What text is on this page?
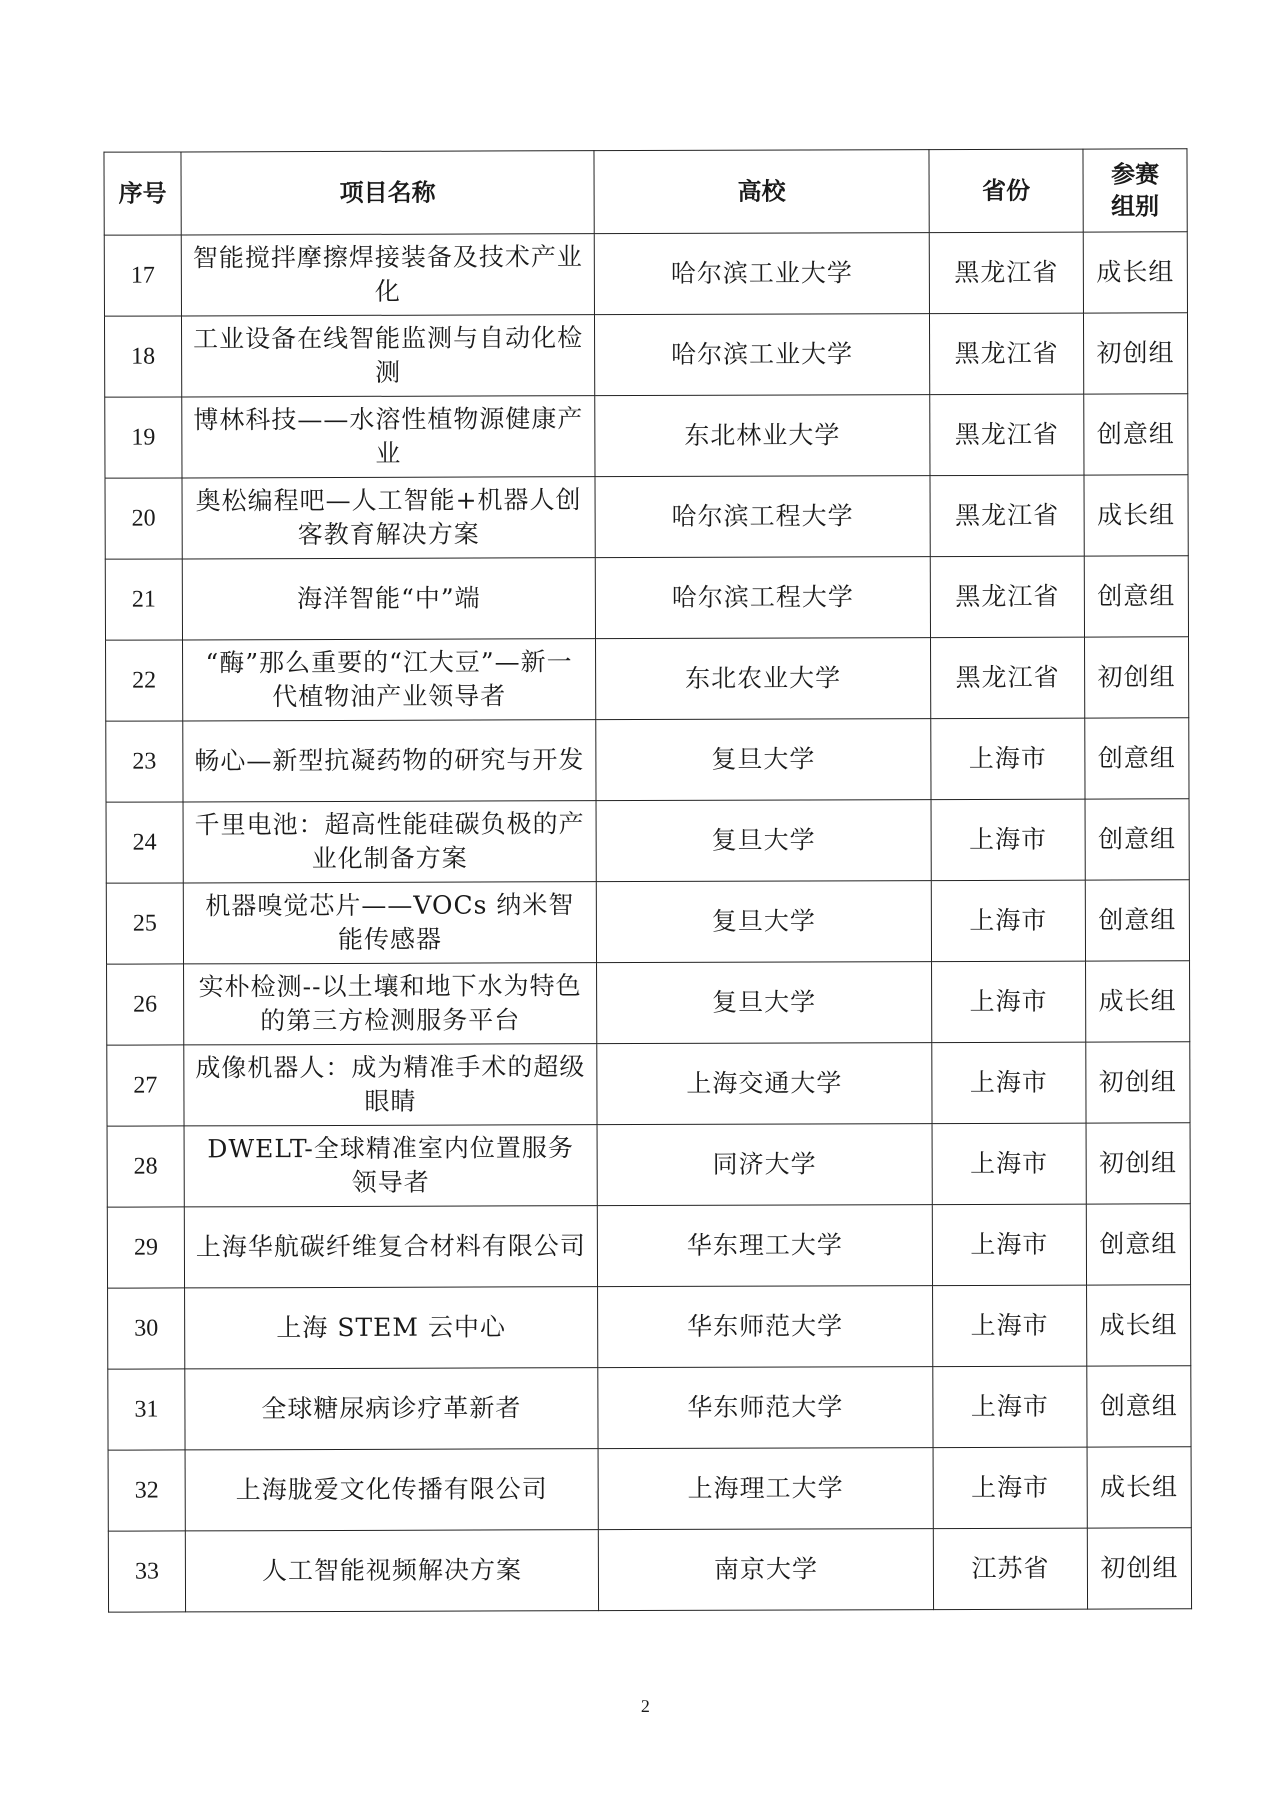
序号	项目名称	高校	省份	参赛
组别
17	智能搅拌摩擦焊接装备及技术产业化	哈尔滨工业大学	黑龙江省	成长组
18	工业设备在线智能监测与自动化检测	哈尔滨工业大学	黑龙江省	初创组
19	博林科技——水溶性植物源健康产业	东北林业大学	黑龙江省	创意组
20	奥松编程吧—人工智能+机器人创客教育解决方案	哈尔滨工程大学	黑龙江省	成长组
21	海洋智能“中”端	哈尔滨工程大学	黑龙江省	创意组
22	“酶”那么重要的“江大豆”—新一代植物油产业领导者	东北农业大学	黑龙江省	初创组
23	畅心—新型抗凝药物的研究与开发	复旦大学	上海市	创意组
24	千里电池：超高性能硅碳负极的产业化制备方案	复旦大学	上海市	创意组
25	机器嗅觉芯片——VOCs 纳米智能传感器	复旦大学	上海市	创意组
26	实朴检测--以土壤和地下水为特色的第三方检测服务平台	复旦大学	上海市	成长组
27	成像机器人：成为精准手术的超级眼睛	上海交通大学	上海市	初创组
28	DWELT-全球精准室内位置服务领导者	同济大学	上海市	初创组
29	上海华航碳纤维复合材料有限公司	华东理工大学	上海市	创意组
30	上海 STEM 云中心	华东师范大学	上海市	成长组
31	全球糖尿病诊疗革新者	华东师范大学	上海市	创意组
32	上海胧爱文化传播有限公司	上海理工大学	上海市	成长组
33	人工智能视频解决方案	南京大学	江苏省	初创组
2
